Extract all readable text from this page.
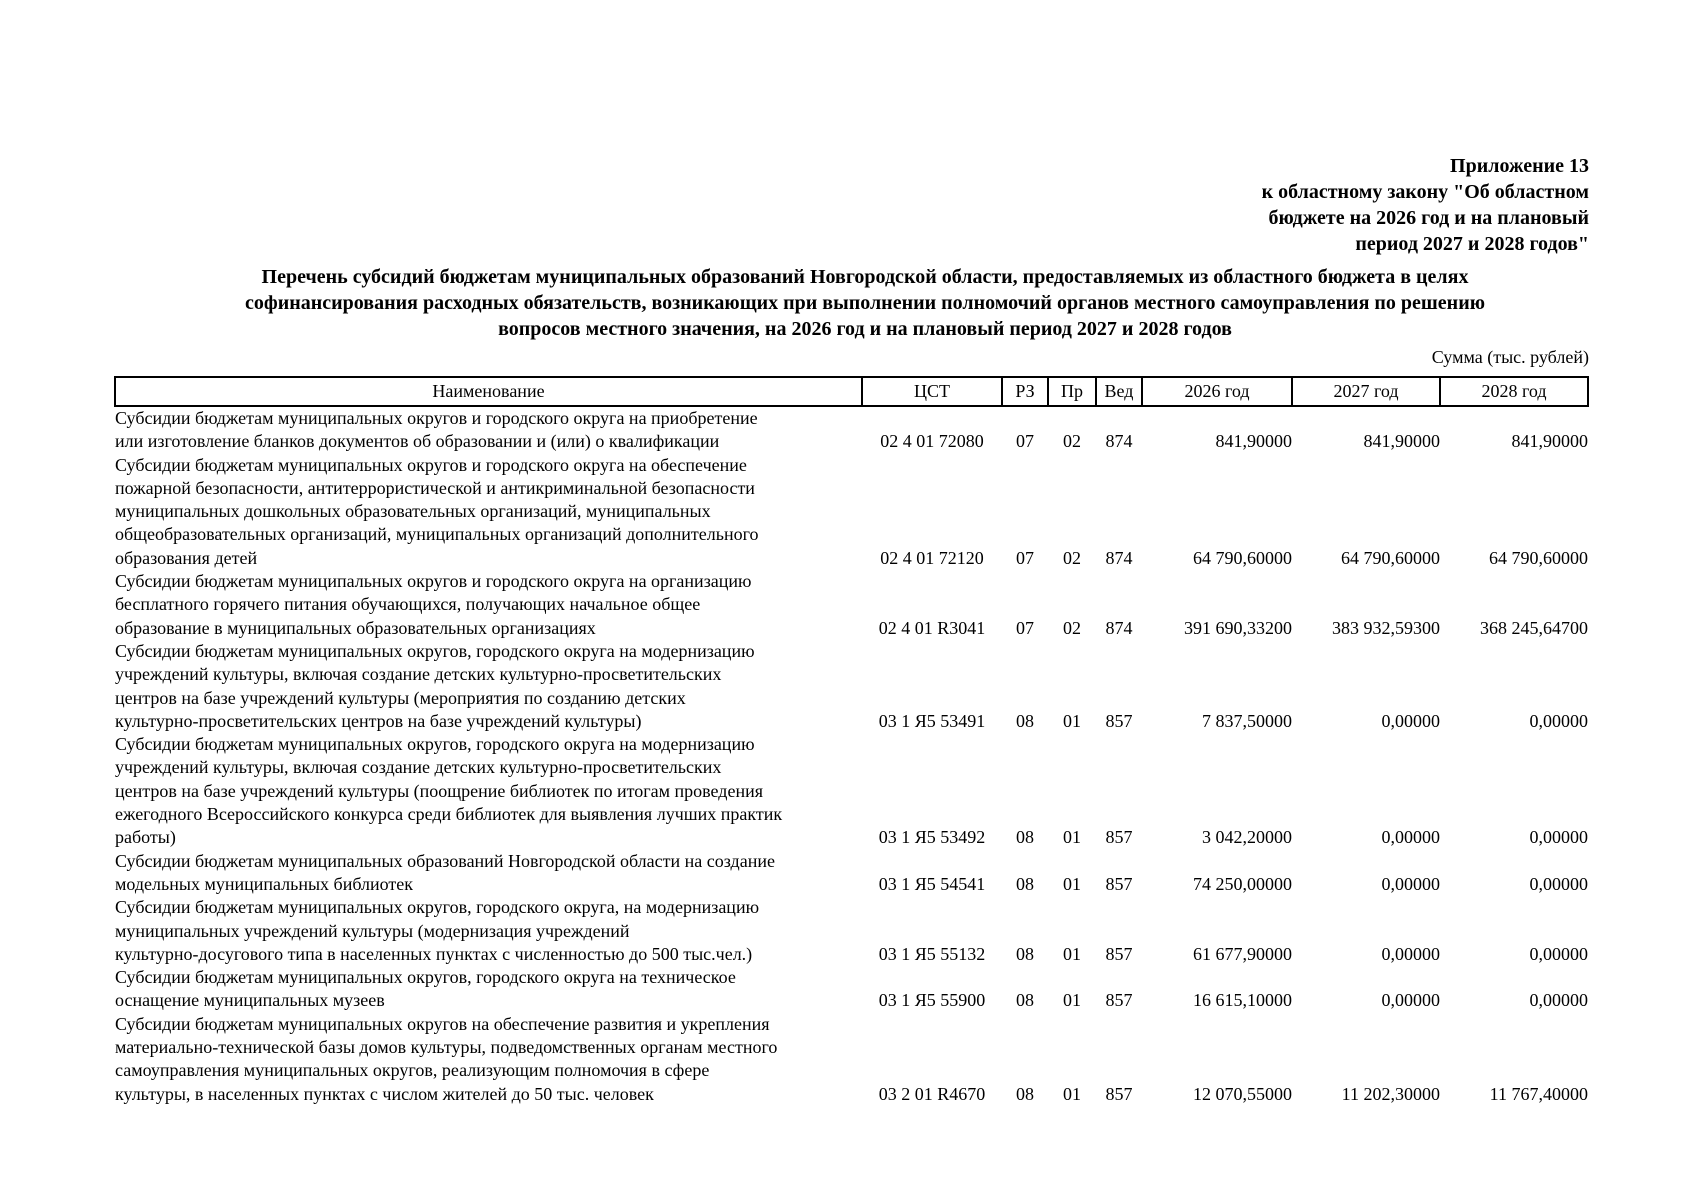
Приложение 13
к областному закону "Об областном
бюджете на 2026 год и на плановый
период 2027 и 2028 годов"
Перечень субсидий бюджетам муниципальных образований Новгородской области, предоставляемых из областного бюджета в целях
софинансирования расходных обязательств, возникающих при выполнении полномочий органов местного самоуправления по решению
вопросов местного значения, на 2026 год и на плановый период 2027 и 2028 годов
Сумма (тыс. рублей)
Наименование	ЦСТ	РЗ	Пр	Вед	2026 год	2027 год	2028 год

Субсидии бюджетам муниципальных округов и городского округа на приобретение
или изготовление бланков документов об образовании и (или) о квалификации	02 4 01 72080	07	02	874	841,90000	841,90000	841,90000

Субсидии бюджетам муниципальных округов и городского округа на обеспечение
пожарной безопасности, антитеррористической и антикриминальной безопасности
муниципальных дошкольных образовательных организаций, муниципальных
общеобразовательных организаций, муниципальных организаций дополнительного
образования детей	02 4 01 72120	07	02	874	64 790,60000	64 790,60000	64 790,60000

Субсидии бюджетам муниципальных округов и городского округа на организацию
бесплатного горячего питания обучающихся, получающих начальное общее
образование в муниципальных образовательных организациях	02 4 01 R3041	07	02	874	391 690,33200	383 932,59300	368 245,64700

Субсидии бюджетам муниципальных округов, городского округа на модернизацию
учреждений культуры, включая создание детских культурно-просветительских
центров на базе учреждений культуры (мероприятия по созданию детских
культурно-просветительских центров на базе учреждений культуры)	03 1 Я5 53491	08	01	857	7 837,50000	0,00000	0,00000

Субсидии бюджетам муниципальных округов, городского округа на модернизацию
учреждений культуры, включая создание детских культурно-просветительских
центров на базе учреждений культуры (поощрение библиотек по итогам проведения
ежегодного Всероссийского конкурса среди библиотек для выявления лучших практик
работы)	03 1 Я5 53492	08	01	857	3 042,20000	0,00000	0,00000

Субсидии бюджетам муниципальных образований Новгородской области на создание
модельных муниципальных библиотек	03 1 Я5 54541	08	01	857	74 250,00000	0,00000	0,00000

Субсидии бюджетам муниципальных округов, городского округа, на модернизацию
муниципальных учреждений культуры (модернизация учреждений
культурно-досугового типа в населенных пунктах с численностью до 500 тыс.чел.)	03 1 Я5 55132	08	01	857	61 677,90000	0,00000	0,00000

Субсидии бюджетам муниципальных округов, городского округа на техническое
оснащение муниципальных музеев	03 1 Я5 55900	08	01	857	16 615,10000	0,00000	0,00000

Субсидии бюджетам муниципальных округов на обеспечение развития и укрепления
материально-технической базы домов культуры, подведомственных органам местного
самоуправления муниципальных округов, реализующим полномочия в сфере
культуры, в населенных пунктах с числом жителей до 50 тыс. человек	03 2 01 R4670	08	01	857	12 070,55000	11 202,30000	11 767,40000
